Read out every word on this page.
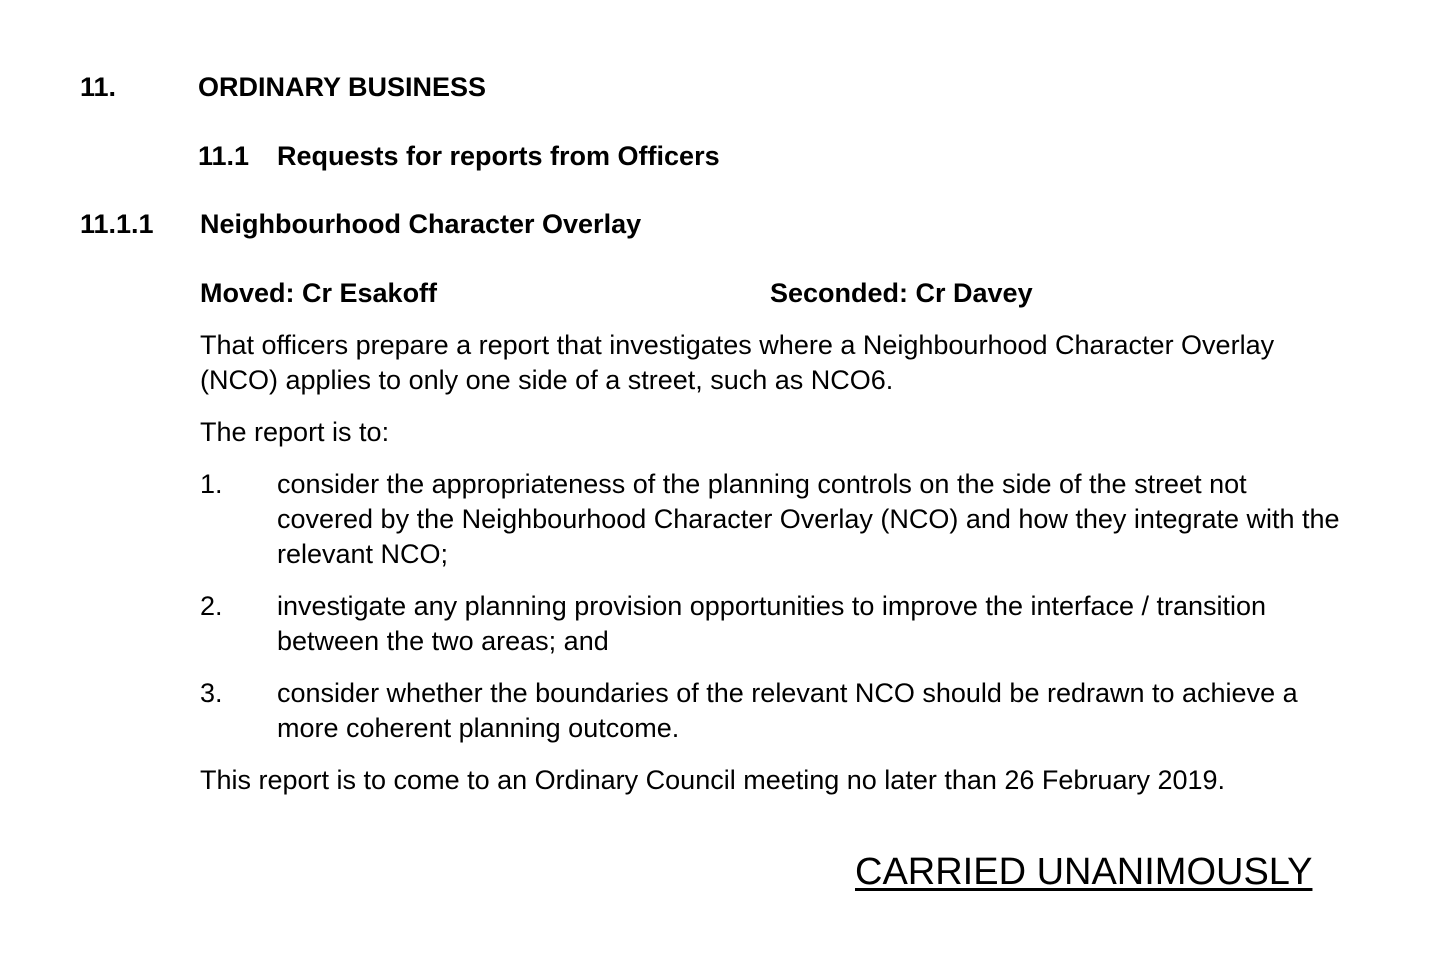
11.	ORDINARY BUSINESS
11.1 Requests for reports from Officers
11.1.1 Neighbourhood Character Overlay
Moved: Cr Esakoff	Seconded: Cr Davey
That officers prepare a report that investigates where a Neighbourhood Character Overlay (NCO) applies to only one side of a street, such as NCO6.
The report is to:
1. consider the appropriateness of the planning controls on the side of the street not covered by the Neighbourhood Character Overlay (NCO) and how they integrate with the relevant NCO;
2. investigate any planning provision opportunities to improve the interface / transition between the two areas; and
3. consider whether the boundaries of the relevant NCO should be redrawn to achieve a more coherent planning outcome.
This report is to come to an Ordinary Council meeting no later than 26 February 2019.
CARRIED UNANIMOUSLY
